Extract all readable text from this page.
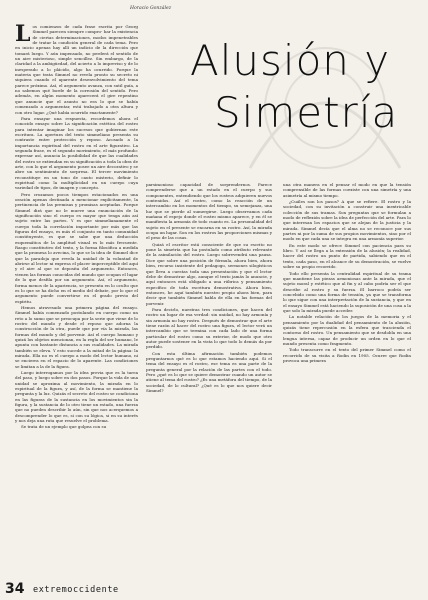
Horacio González
Alusión y
Simetría

Los comienzos de cada frase escrita por Georg Simmel parecen siempre compro- bar la existencia de ciertas determinaciones, modos impenetrables de tratar la condición general de cada tema. Pero en inicio apenas hay allí un indicio de la dirección que tomará luego. Y aún impensado, no perderá el sentido de un aire misterioso, simple sencillez. Sin embargo, de la claridad a la ambigüedad, del acierto a lo impreviso y de lo inesperado a lo plácido, algo ha ocurrido. Porque la materia que trata Simmel no revela pronto su secreto ni siquiera cuando el aparente desenvolvimiento del tema parece próximo. Así, el argumento avanza, con sutil guía, a no sabemos qué borde de la corrosión del sentido. Pero además, en algún momento aparecerá el gire repentino que anuncie que el asunto no era lo que se había comenzado a argumentar, está trabajado a otra altura y con otro lugar. ¿Qué había ocurrido exactamente?

Para ensayar una respuesta, recordemos ahora el conocido ensayo sobre La significación estética del rostro para intentar imaginar los sucesos que gobiernan este escritura. La apertura del texto simmeliano presenta su contraste entre protección y reposo. Acosado a la importancia espiritual del rostro en el arte figurativo. La segunda frase, es el segundo movimiento, el más profundo: expresar así, anuncia la posibilidad de que las cualidades del rostro se extiendan en su significación a toda la obra de arte, con lo que el argumento posee un aire decorativo y se abre un sentimiento de sorpresa. El tercer movimiento reconstituye en un tono de cauto misterio, definir lo espiritual como la multiplicidad en un cuerpo cuya variedad de tipos, de imagen y concepto.

Pero cruzamos pocos tiempos estacionados en una oración apenas destinada a mencionar explícitamente, la pertinencia de las premisas y promisas aceptadas. Porque Simmel dirá que no le mueve una enunciación de la significación sino el cuerpo es mayor que tenga aún así sujeto entre las partes. Y es que simmelianamente el cuerpo toda la correlación importante por más que las figuras del ensayo, es más el conjunto en tanto comunidad constituyente, es que se sabe que una deducción esquemática de la amplitud visual es lo más frecuente. Rasgo constitutivo del texto, y la forma filosófica a medida que la promesa lo avecina, lo que se la idea de Simmel dice que la paradoja que revela la unidad de la voluntad de abrirse al lector ni expresa el placer imperceptible del aquí y el aire al que se deposita del argumento. Entonces, vienen las formas conocidas del mundo que ocupan el lugar de lo que desfila por un argumento. Así, el argumento, forma menos de la apariencia, se presenta en lo oculto que es lo que se ha dicho en el medio del debate, por lo que el argumento puede convertirse en el grado previo del espíritu.

Hemos atravesado una primera página del ensayo. Simmel había comenzado postulando en cuerpo como un reto a lo sumo que se preocupa por la serie que viene de lo rostro del mundo y desde el reposo que adorna la construcción de la otra, puede que por vía la mirada, las formas del mundo y del porvenir. Así el cuerpo humano y quizá los objetos mencionan, en la regla del ser humano, le apunta con bastante distancia a sus cualidades. La mirada también se eleva. Y esto sucede a la mitad de la página: la mirada. Ella no es el cuerpo a modo del lector humano, ni se encierra en el espacio de lo aparente. Las condiciones se limitan a la de la figura.

Luego interrogamos por la idea previa que es la tarea del paso, y luego sobre en dos pasos. Porque la vida de una unidad se aproxima al movimiento, la mirada en lo espiritual de la figura, y así, de la forma se mantiene la pregunta y la luz. Quizás el secreto del rostro se condiciona en las figuras de la sustancia en los movimientos sin la figura, y la sustancia de lo otro tiene un estado, una fuerza que no pueden describir lo aún, sin que nos acerquemos a descomprender lo que es, si con su lógica, si en su interés y nos deja una ruta que resuelve el problema.

Se trata de un ejemplo que golpea con su

parsimonioso capacidad de sorprendernos. Parece comprenderse que a un estado en el cuerpo y sus componentes, entendiendo que los rostros adquieren nuevos contenidos. Así el rostro, como la reacción de un intercambio en los momentos del tiempo, su semejanza, una luz que se pierde al sumergirse. Luego observamos cada mañana el espejo donde el rostro mismo aparece, y en él se manifiesta la armonía de todo cuanto es. La personalidad del sujeto en el presente se encarna en su rostro. Así, la mirada ocupa un lugar. Son en los rostros las proporciones mismas y el peso de las cosas.

Quizá el escritor está consciente de que su escrito no pone la simetría que ha postulado como atributo relevante de la asimilación del rostro. Luego sobrevendrá una pausa. Dice que sobre una posición de fórmula, ahora bien, ahora bien, recurso insistente del pedagogo, sermones silogísticos que lleva a cuestas toda una presentación y que el lector debe de demostrar algo, aunque el texto jamás lo anuncie, y aquí entonces está obligado a una rúbrica y pensamiento específico de toda escritura demostrativa. Ahora bien, entonces, he aquí también nuestro propio ahora bien, para decir que también Simmel habla de ella en las formas del porvenir.

Para decirlo, nuestras tres condiciones, que hacen del rostro un lugar de esa verdad: sin unidad, no hay armonía y sin armonía no hay rostro. Después de demostrar que el arte tiene razón al hacer del rostro una figura, el lector verá un intercambio que se termina con cada lado de una forma particular del rostro como su exterior, de modo que otro autor puede sostener en la vista lo que todo lo demás da por perdido.

Con esta última afirmación también podemos preguntarnos qué es lo que estamos haciendo aquí. Si el tema del ensayo es el rostro, ese tema es una parte de la pregunta general por la relación de las partes con el todo. Pero ¿qué es lo que se quiere demostrar cuando un autor se atiene al tema del rostro? ¿Es una metáfora del tiempo, de la sociedad, de lo cultural? ¿Qué es lo que nos quiere decir Simmel?

una otra manera en el pensar el modo en que la tensión comprensible de las formas coexiste con una simetría y una asimetría al mismo tiempo.

¿Cuáles son los pasos? A que se refiere. El rostro y la sociedad, con su invitación a construir una inextricable colección de sus tramas. Son preguntas que se formulan a modo de reflexión sobre la idea de perfección del arte. Para lo que interesan los espacios que se alejan de la justicia y la mirada. Simmel decía que el alma no se reconoce por sus partes ni por la suma de sus propios movimientos, sino por el modo en que cada una se integra en una armonía superior.

En este modo se ofrece Simmel con paciencia para su libro. Y así se llega a la extensión de la alusión; la realidad, hacer del rostro un punto de partida, sabiendo que en el texto, cada paso, en el alcance de su demostración, se vuelve sobre su propio recorrido.

Todo ello presenta la centralidad espiritual de su trama que mantiene las piezas armoniosas ante la mirada, que el sujeto moral y estético que al fin y al cabo podría ser el que describe al rostro y su fuerza. El barroco podría ser concebido como una forma de tensión, ya que se transforma lo que sigue con una interpretación de la sustancia, y que en el ensayo Simmel está haciendo la suposición de una cosa a la que solo la mirada puede acceder.

La notable relación de los juegos de la memoria y el pensamiento por la dualidad del pensamiento de la alusión, quizás tiene repercusión en la esfera que trascienda el contorno del rostro. Un pensamiento que se desdobla en una lengua interna, capaz de producir un orden en lo que el mundo presenta como fragmento.

Todo transcurre en el texto del primer Simmel como el recorrido de su visita a Rodin en 1905. Ocurre que Rodin provoca una primera

34 extremoccidente
